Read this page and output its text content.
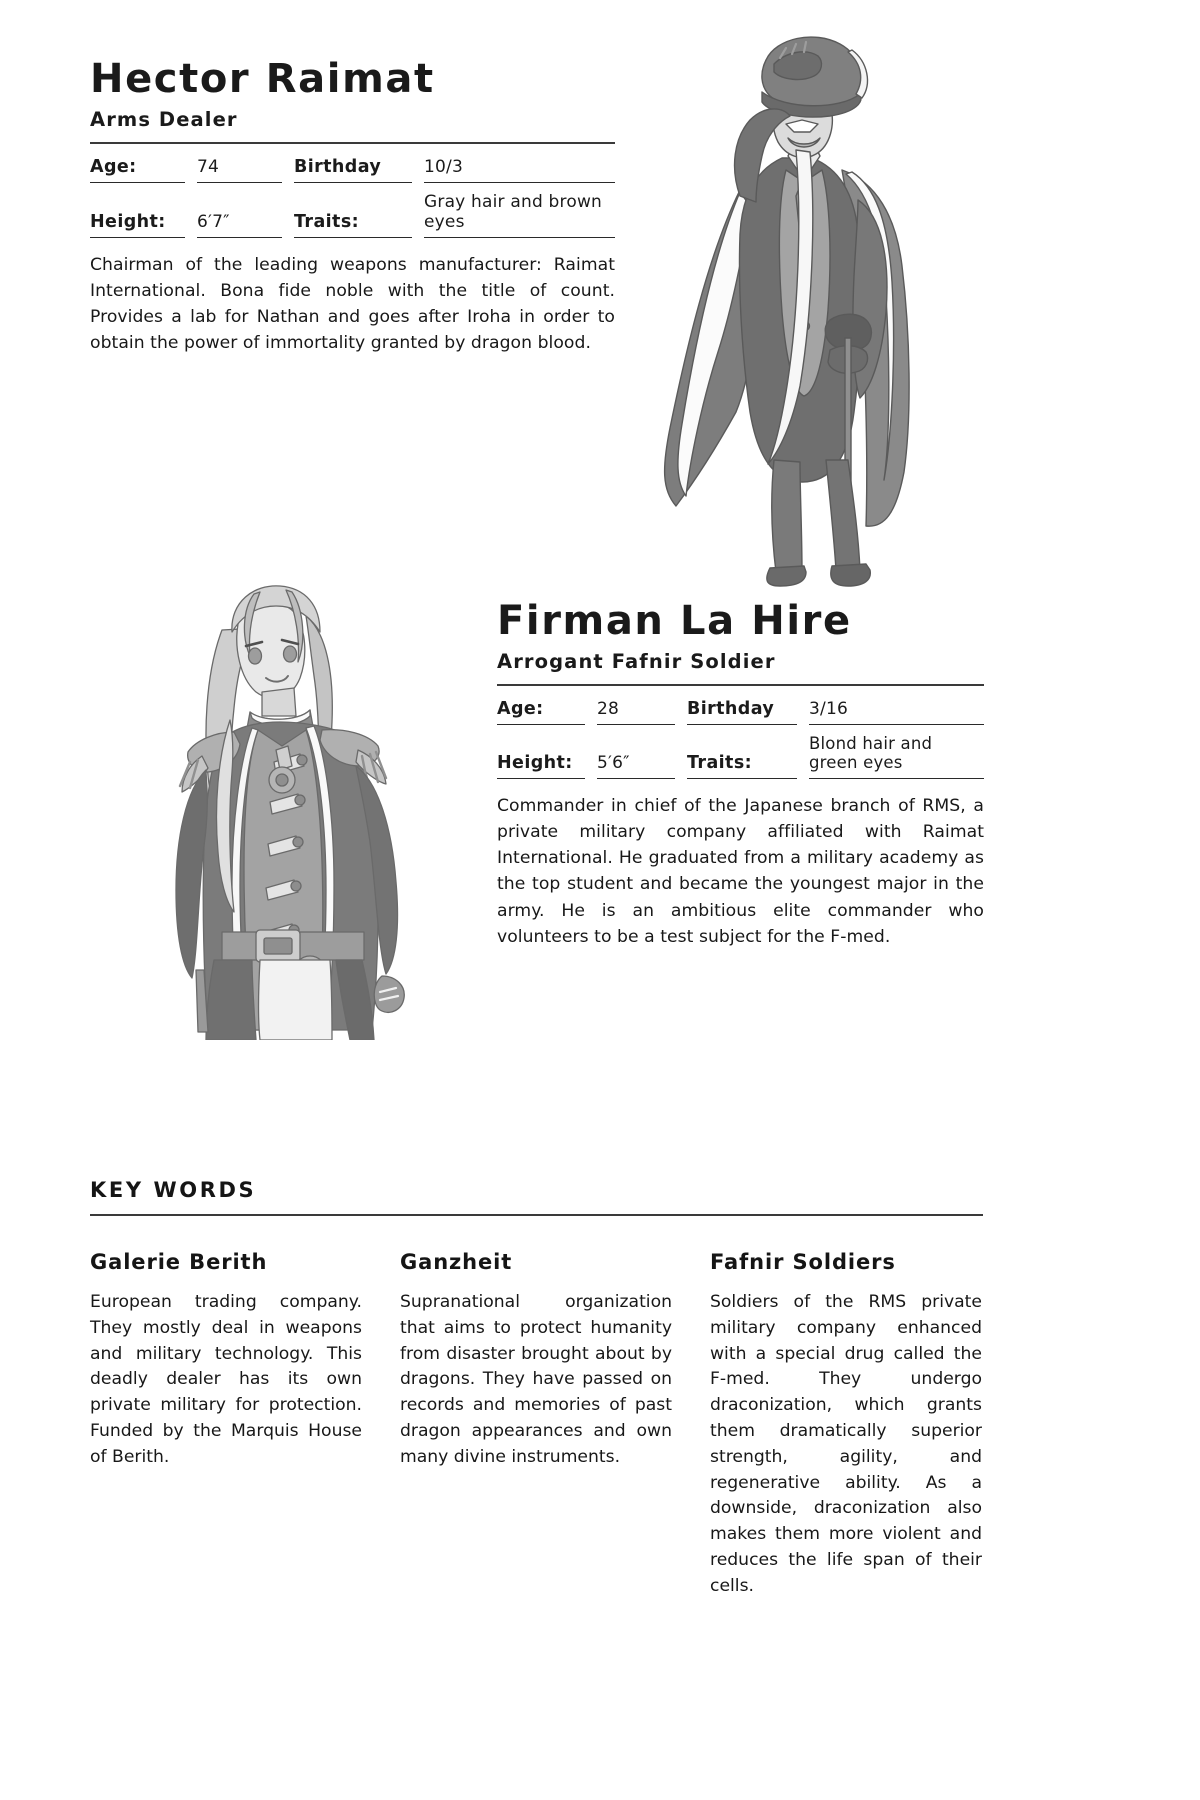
Hector Raimat
Arms Dealer
Age:		74		Birthday		10/3

Height:		6′7″		Traits:		Gray hair and brown eyes

Chairman of the leading weapons manufacturer: Raimat International. Bona fide noble with the title of count. Provides a lab for Nathan and goes after Iroha in order to obtain the power of immortality granted by dragon blood.

Firman La Hire
Arrogant Fafnir Soldier
Age:		28		Birthday		3/16

Height:		5′6″		Traits:		Blond hair and green eyes

Commander in chief of the Japanese branch of RMS, a private military company affiliated with Raimat International. He graduated from a military academy as the top student and became the youngest major in the army. He is an ambitious elite commander who volunteers to be a test subject for the F-med.

KEY WORDS
Galerie Berith

European trading company. They mostly deal in weapons and military technology. This deadly dealer has its own private military for protection. Funded by the Marquis House of Berith.

Ganzheit

Supranational organization that aims to protect humanity from disaster brought about by dragons. They have passed on records and memories of past dragon appearances and own many divine instruments.

Fafnir Soldiers

Soldiers of the RMS private military company enhanced with a special drug called the F-med. They undergo draconization, which grants them dramatically superior strength, agility, and regenerative ability. As a downside, draconization also makes them more violent and reduces the life span of their cells.
